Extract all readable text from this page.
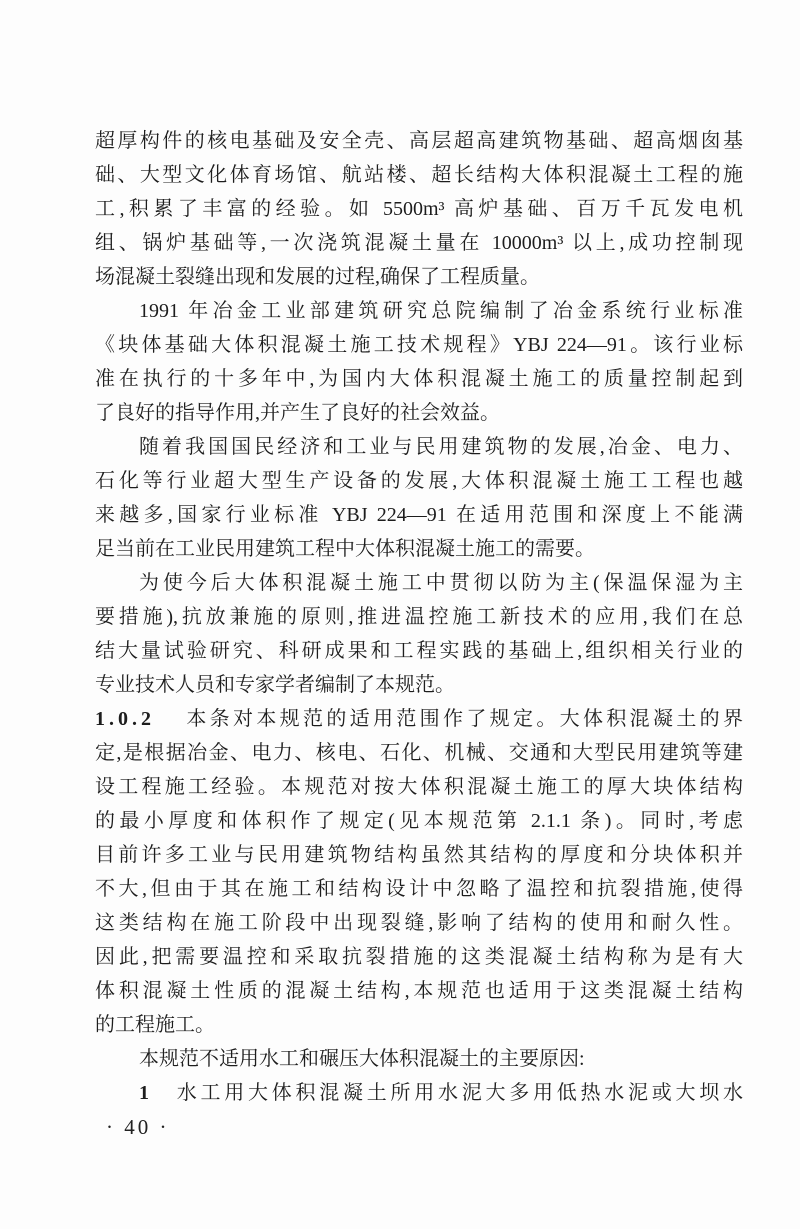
超厚构件的核电基础及安全壳、高层超高建筑物基础、超高烟囱基
础、大型文化体育场馆、航站楼、超长结构大体积混凝土工程的施
工,积累了丰富的经验。如 5500m³ 高炉基础、百万千瓦发电机
组、锅炉基础等,一次浇筑混凝土量在 10000m³ 以上,成功控制现
场混凝土裂缝出现和发展的过程,确保了工程质量。
1991 年冶金工业部建筑研究总院编制了冶金系统行业标准
《块体基础大体积混凝土施工技术规程》YBJ 224—91。该行业标
准在执行的十多年中,为国内大体积混凝土施工的质量控制起到
了良好的指导作用,并产生了良好的社会效益。
随着我国国民经济和工业与民用建筑物的发展,冶金、电力、
石化等行业超大型生产设备的发展,大体积混凝土施工工程也越
来越多,国家行业标准 YBJ 224—91 在适用范围和深度上不能满
足当前在工业民用建筑工程中大体积混凝土施工的需要。
为使今后大体积混凝土施工中贯彻以防为主(保温保湿为主
要措施),抗放兼施的原则,推进温控施工新技术的应用,我们在总
结大量试验研究、科研成果和工程实践的基础上,组织相关行业的
专业技术人员和专家学者编制了本规范。
1.0.2 本条对本规范的适用范围作了规定。大体积混凝土的界
定,是根据冶金、电力、核电、石化、机械、交通和大型民用建筑等建
设工程施工经验。本规范对按大体积混凝土施工的厚大块体结构
的最小厚度和体积作了规定(见本规范第 2.1.1 条)。同时,考虑
目前许多工业与民用建筑物结构虽然其结构的厚度和分块体积并
不大,但由于其在施工和结构设计中忽略了温控和抗裂措施,使得
这类结构在施工阶段中出现裂缝,影响了结构的使用和耐久性。
因此,把需要温控和采取抗裂措施的这类混凝土结构称为是有大
体积混凝土性质的混凝土结构,本规范也适用于这类混凝土结构
的工程施工。
本规范不适用水工和碾压大体积混凝土的主要原因:
1 水工用大体积混凝土所用水泥大多用低热水泥或大坝水
· 40 ·
